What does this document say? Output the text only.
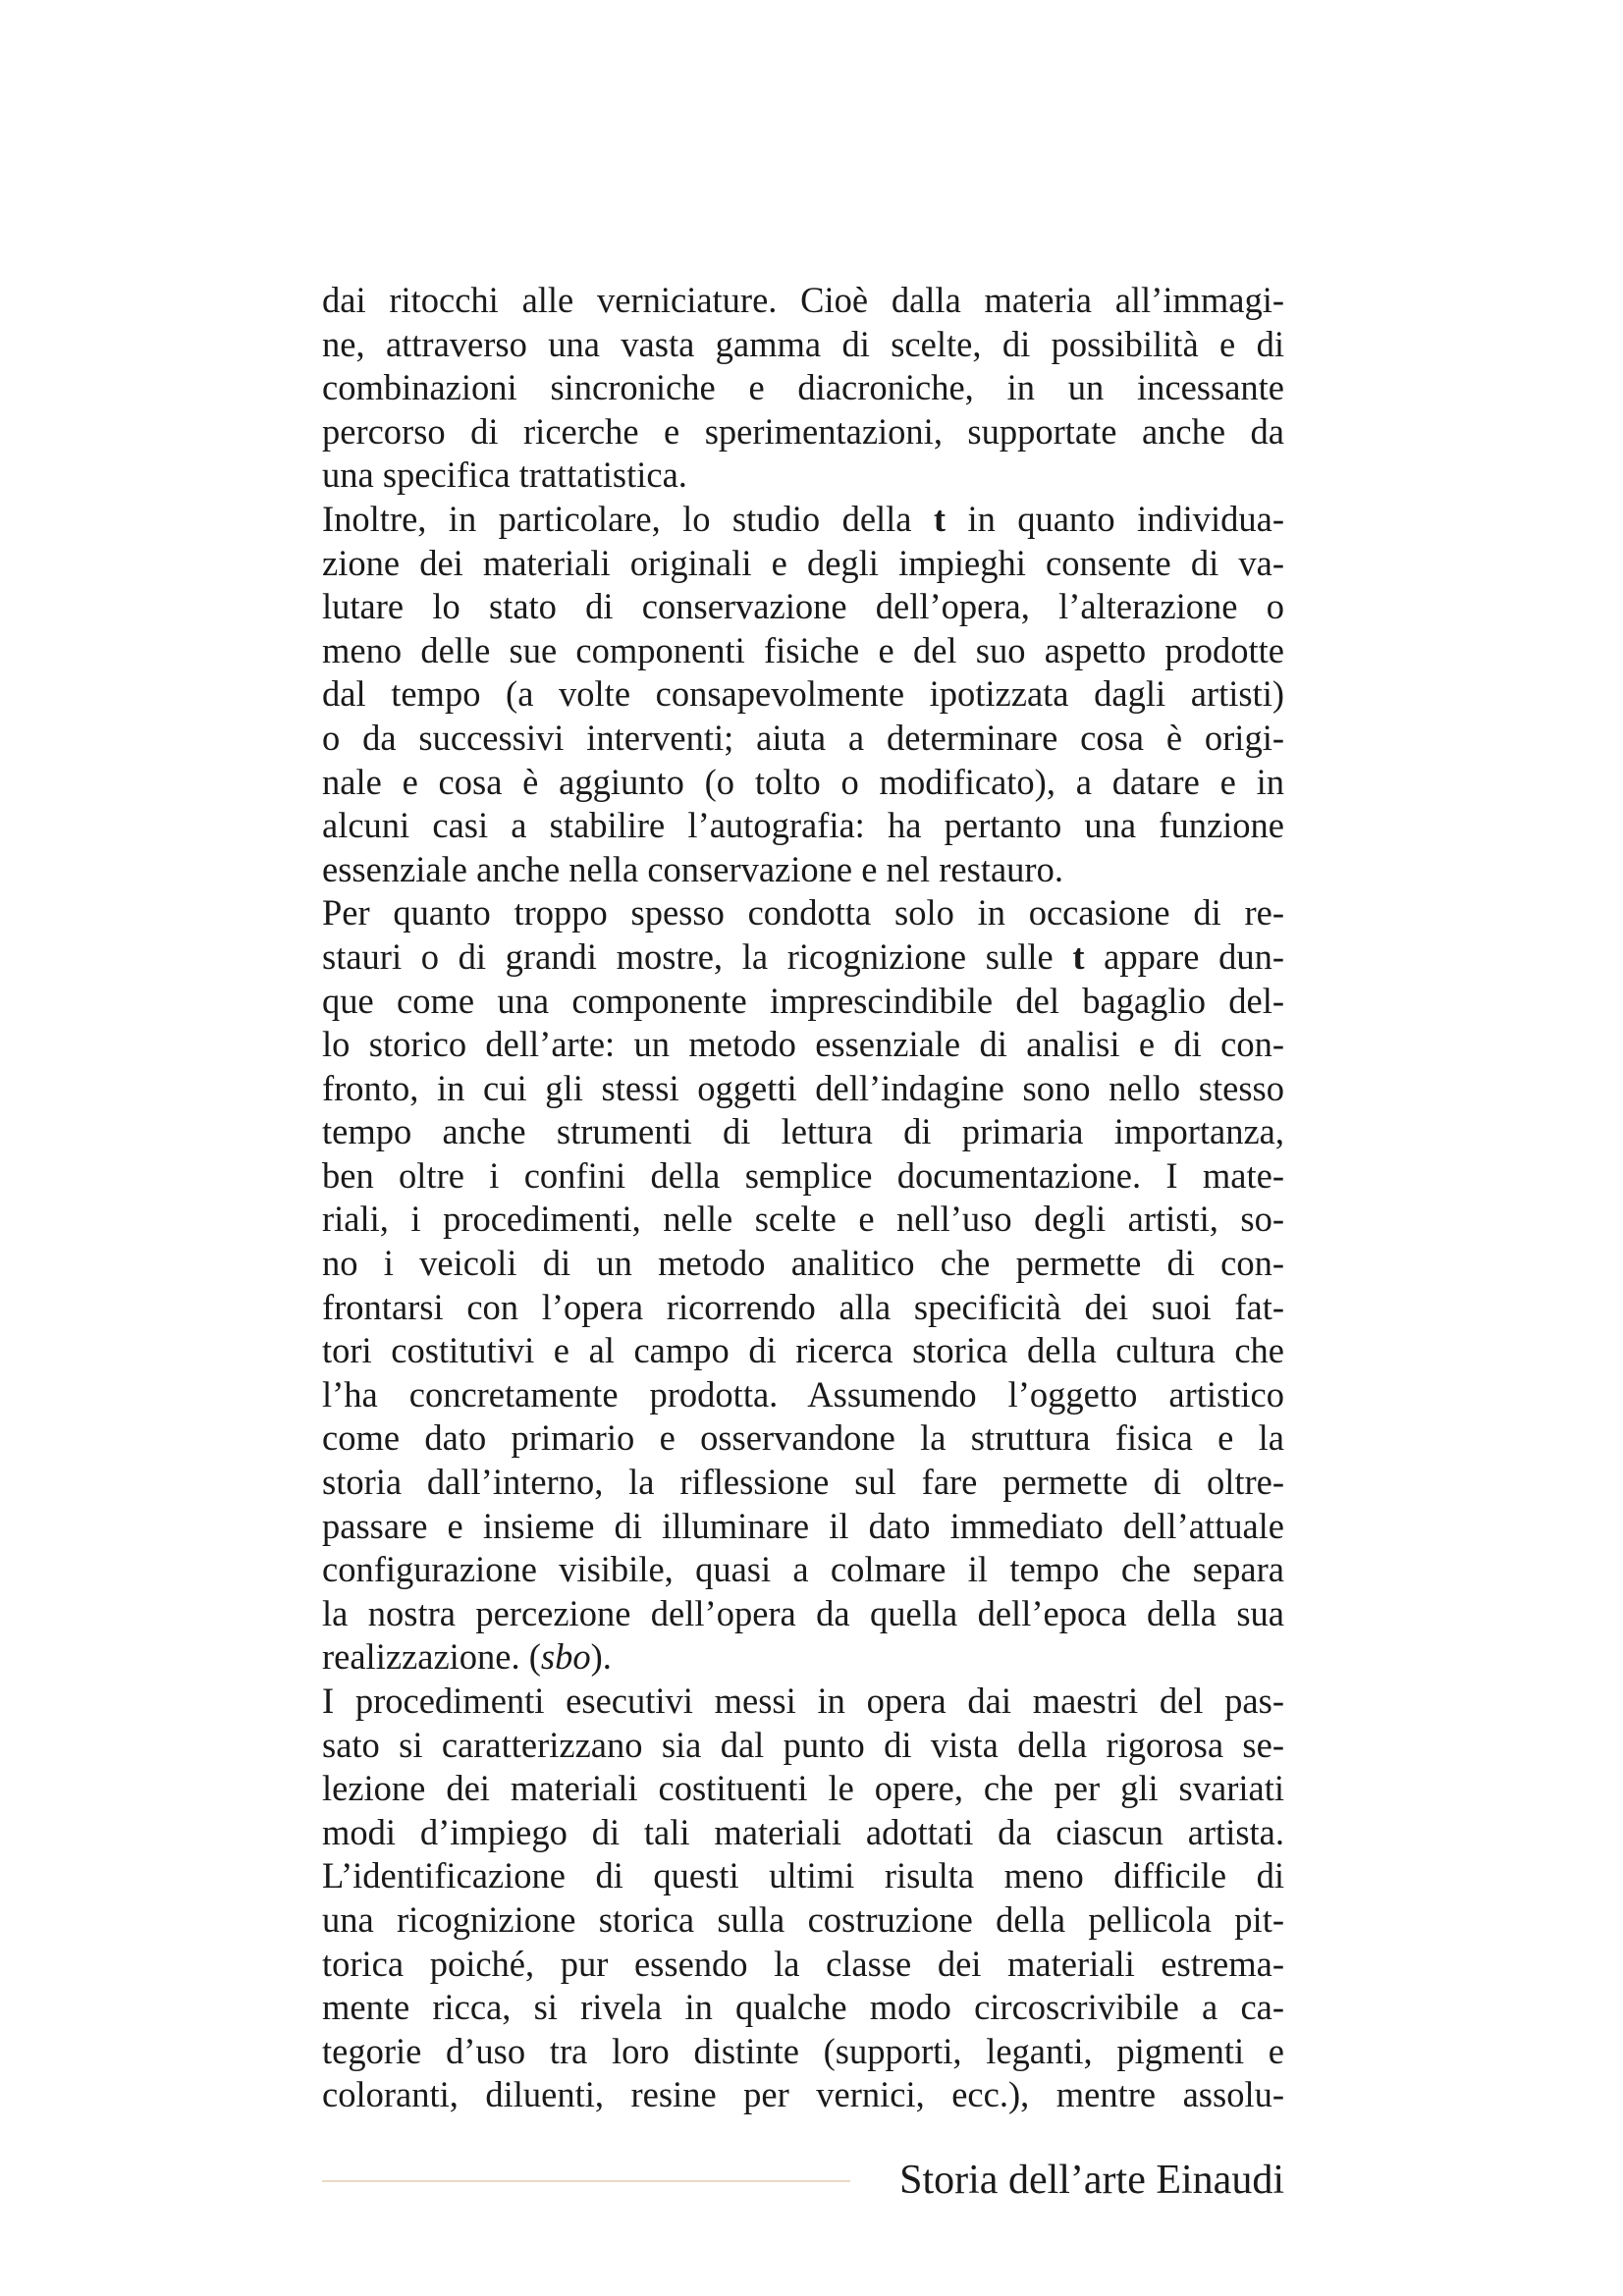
dai ritocchi alle verniciature. Cioè dalla materia all’immagi-
ne, attraverso una vasta gamma di scelte, di possibilità e di
combinazioni sincroniche e diacroniche, in un incessante
percorso di ricerche e sperimentazioni, supportate anche da
una specifica trattatistica.
Inoltre, in particolare, lo studio della t in quanto individua-
zione dei materiali originali e degli impieghi consente di va-
lutare lo stato di conservazione dell’opera, l’alterazione o
meno delle sue componenti fisiche e del suo aspetto prodotte
dal tempo (a volte consapevolmente ipotizzata dagli artisti)
o da successivi interventi; aiuta a determinare cosa è origi-
nale e cosa è aggiunto (o tolto o modificato), a datare e in
alcuni casi a stabilire l’autografia: ha pertanto una funzione
essenziale anche nella conservazione e nel restauro.
Per quanto troppo spesso condotta solo in occasione di re-
stauri o di grandi mostre, la ricognizione sulle t appare dun-
que come una componente imprescindibile del bagaglio del-
lo storico dell’arte: un metodo essenziale di analisi e di con-
fronto, in cui gli stessi oggetti dell’indagine sono nello stesso
tempo anche strumenti di lettura di primaria importanza,
ben oltre i confini della semplice documentazione. I mate-
riali, i procedimenti, nelle scelte e nell’uso degli artisti, so-
no i veicoli di un metodo analitico che permette di con-
frontarsi con l’opera ricorrendo alla specificità dei suoi fat-
tori costitutivi e al campo di ricerca storica della cultura che
l’ha concretamente prodotta. Assumendo l’oggetto artistico
come dato primario e osservandone la struttura fisica e la
storia dall’interno, la riflessione sul fare permette di oltre-
passare e insieme di illuminare il dato immediato dell’attuale
configurazione visibile, quasi a colmare il tempo che separa
la nostra percezione dell’opera da quella dell’epoca della sua
realizzazione. (sbo).
I procedimenti esecutivi messi in opera dai maestri del pas-
sato si caratterizzano sia dal punto di vista della rigorosa se-
lezione dei materiali costituenti le opere, che per gli svariati
modi d’impiego di tali materiali adottati da ciascun artista.
L’identificazione di questi ultimi risulta meno difficile di
una ricognizione storica sulla costruzione della pellicola pit-
torica poiché, pur essendo la classe dei materiali estrema-
mente ricca, si rivela in qualche modo circoscrivibile a ca-
tegorie d’uso tra loro distinte (supporti, leganti, pigmenti e
coloranti, diluenti, resine per vernici, ecc.), mentre assolu-
Storia dell’arte Einaudi
